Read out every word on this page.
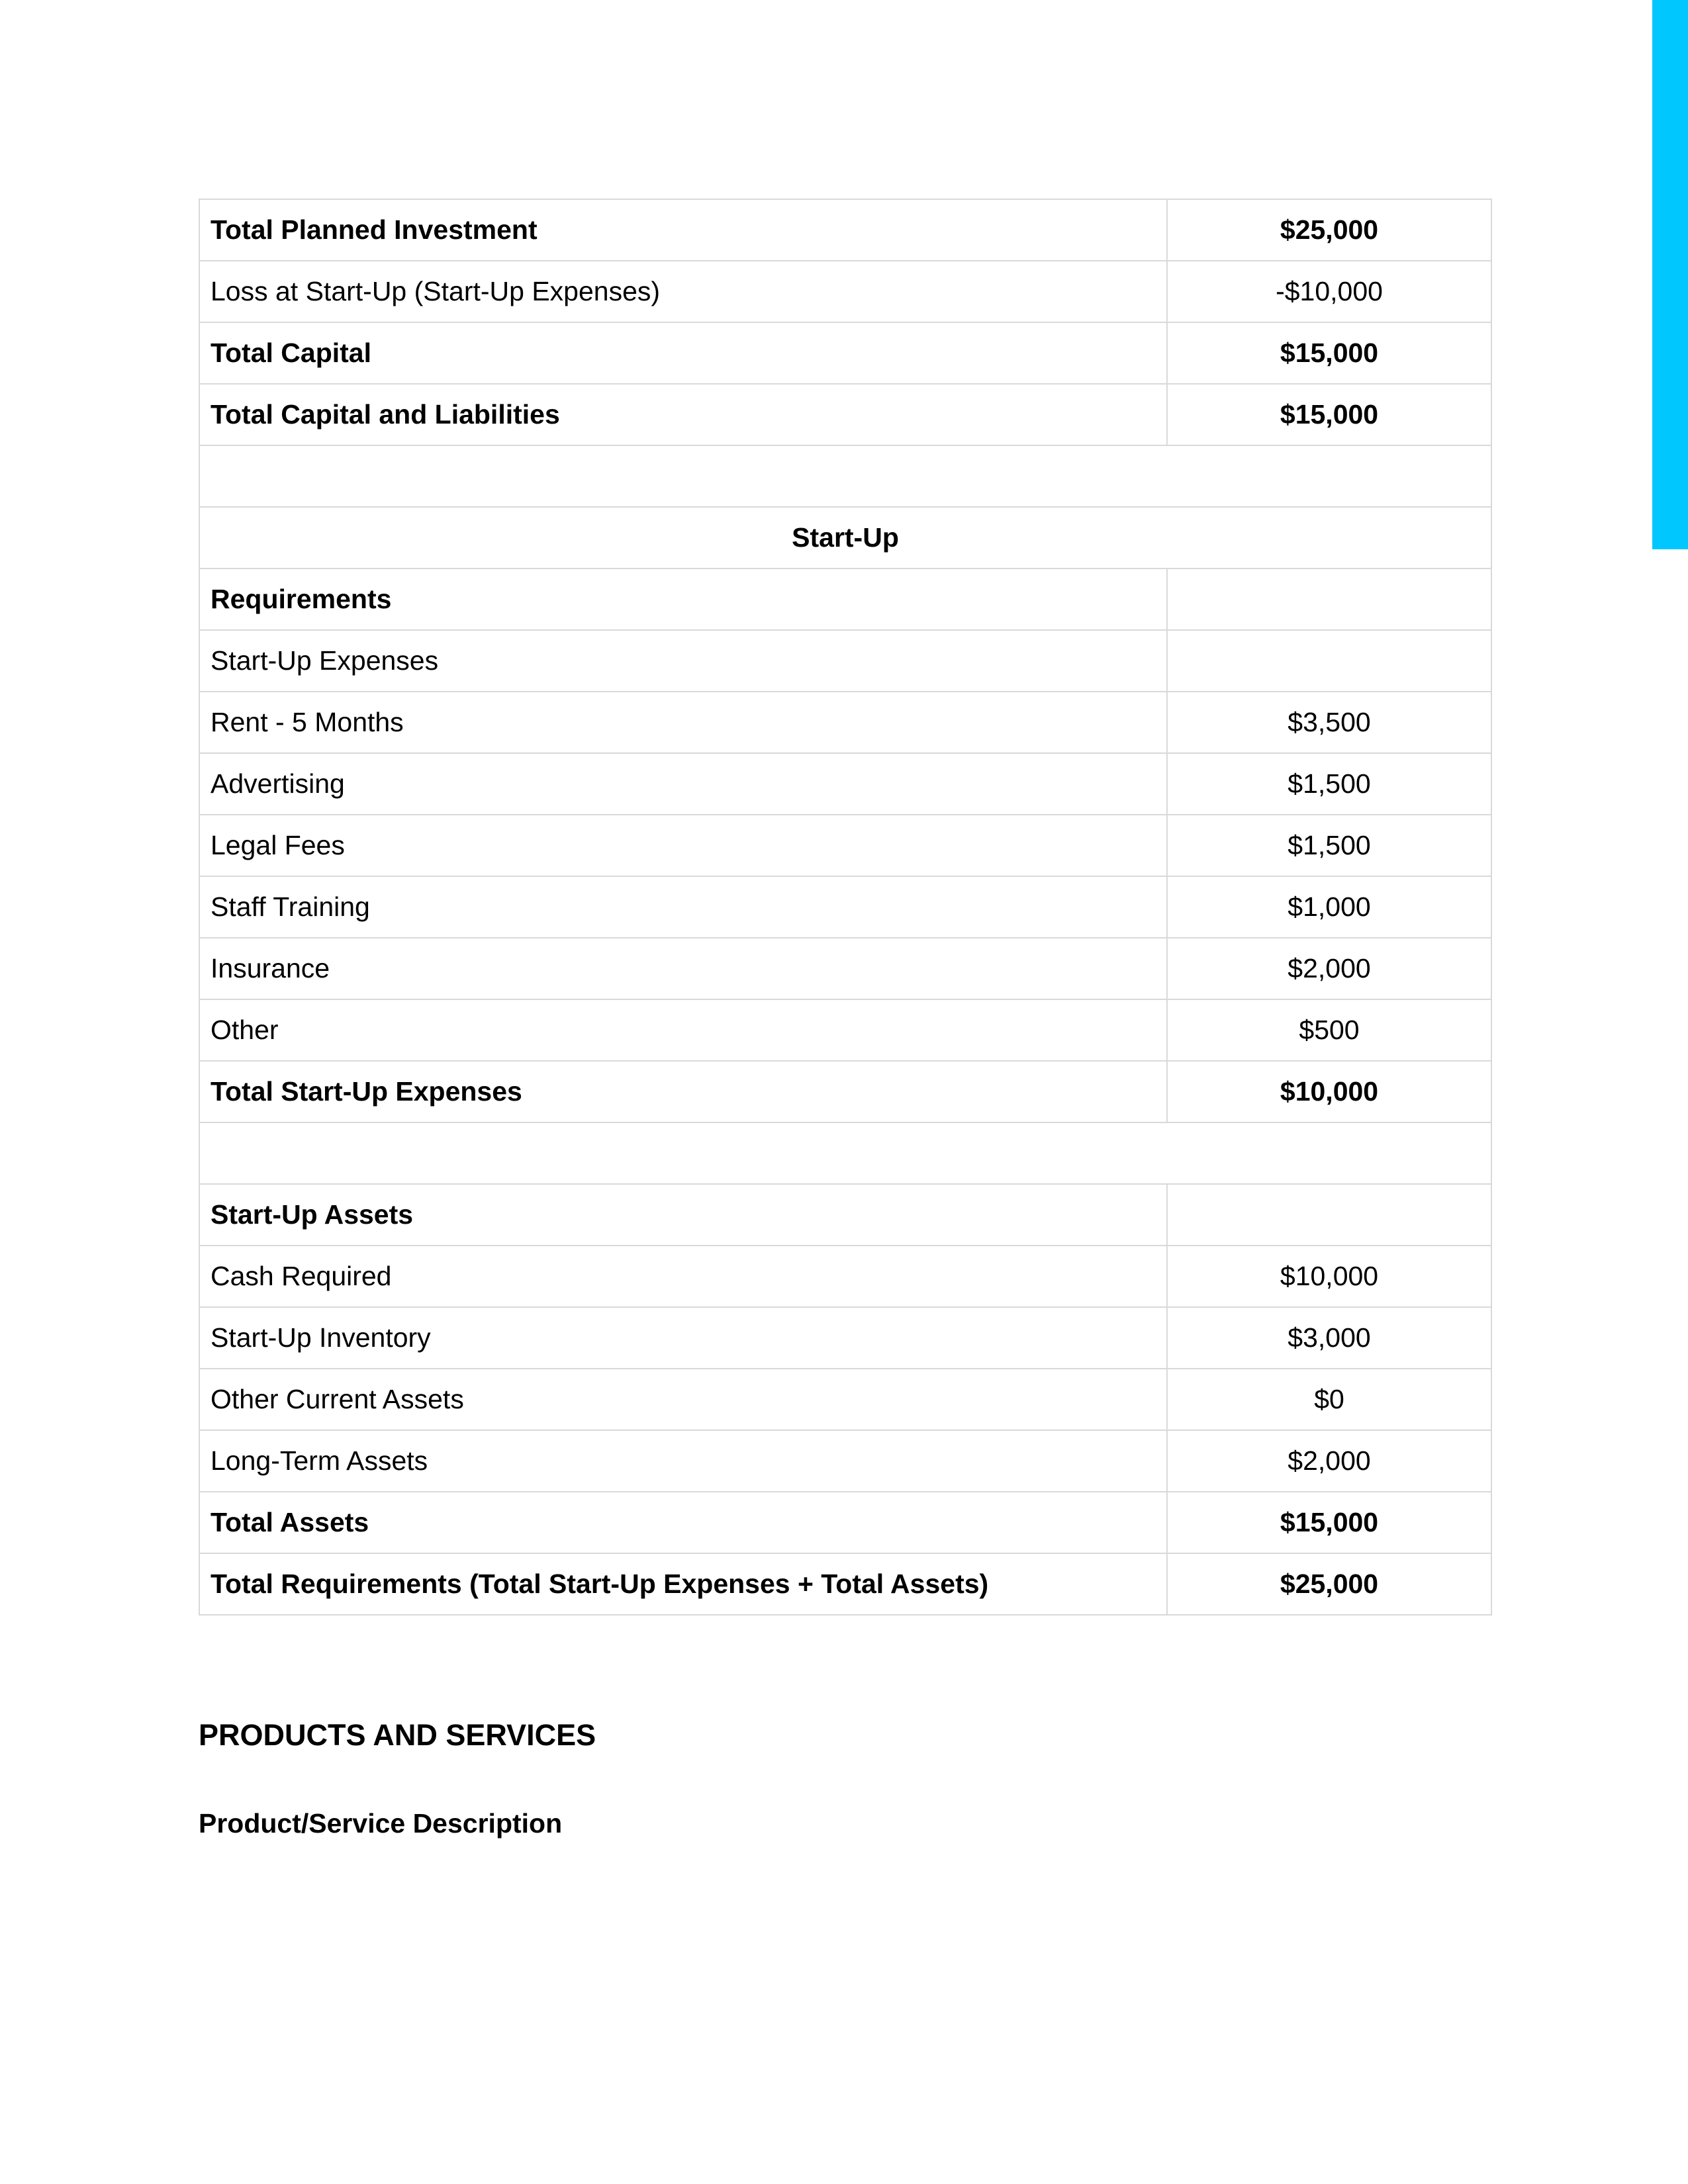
Total Planned Investment	$25,000
Loss at Start-Up (Start-Up Expenses)	-$10,000
Total Capital	$15,000
Total Capital and Liabilities	$15,000

Start-Up	
Requirements	
Start-Up Expenses	
Rent - 5 Months	$3,500
Advertising	$1,500
Legal Fees	$1,500
Staff Training	$1,000
Insurance	$2,000
Other	$500
Total Start-Up Expenses	$10,000

Start-Up Assets	
Cash Required	$10,000
Start-Up Inventory	$3,000
Other Current Assets	$0
Long-Term Assets	$2,000
Total Assets	$15,000
Total Requirements (Total Start-Up Expenses + Total Assets)	$25,000
PRODUCTS AND SERVICES
Product/Service Description
